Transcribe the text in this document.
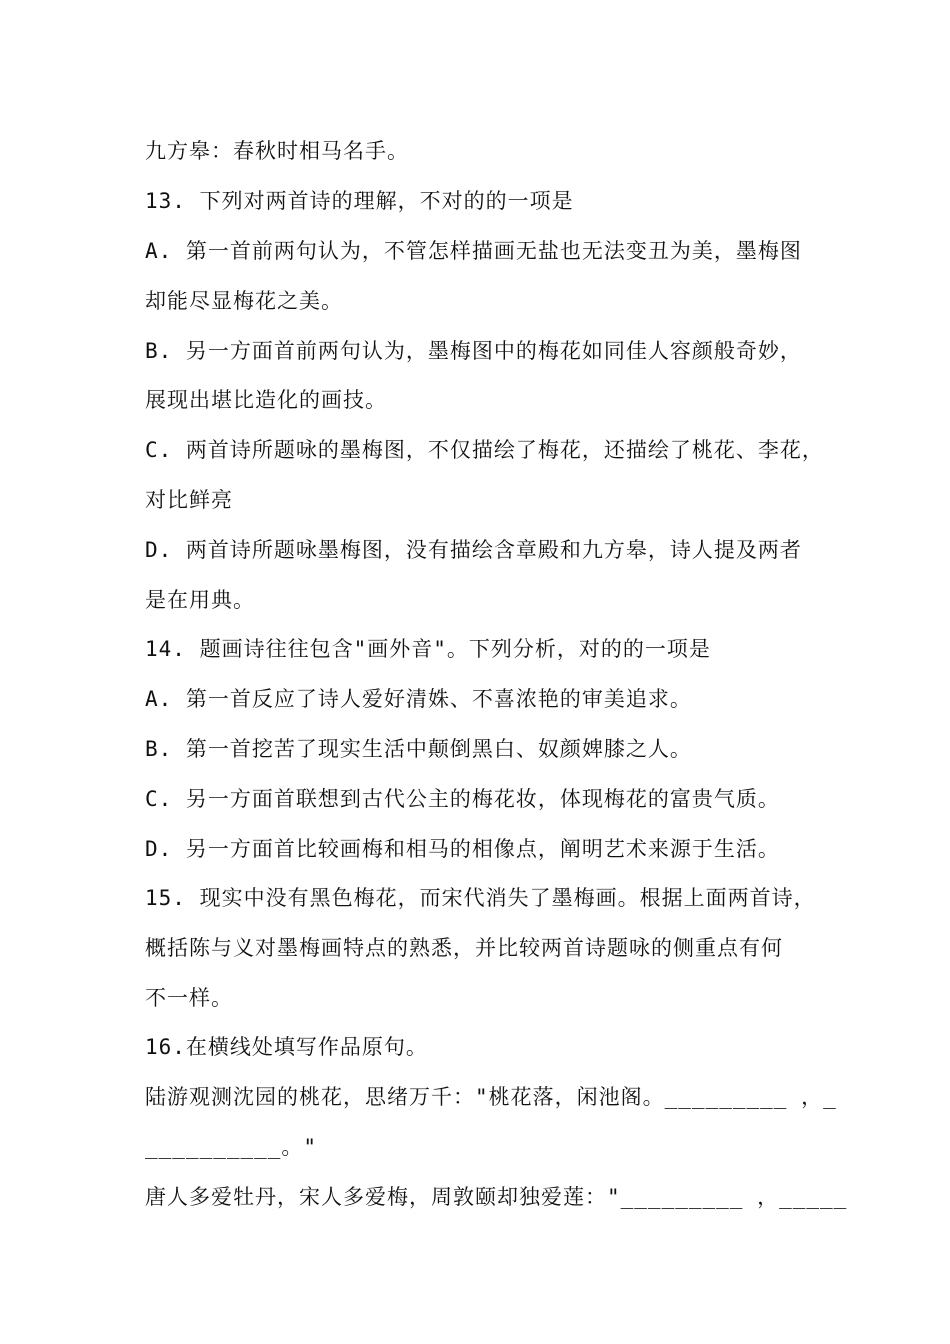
九方皋：春秋时相马名手。
13. 下列对两首诗的理解，不对的的一项是
A. 第一首前两句认为，不管怎样描画无盐也无法变丑为美，墨梅图
却能尽显梅花之美。
B. 另一方面首前两句认为，墨梅图中的梅花如同佳人容颜般奇妙，
展现出堪比造化的画技。
C. 两首诗所题咏的墨梅图，不仅描绘了梅花，还描绘了桃花、李花，
对比鲜亮
D. 两首诗所题咏墨梅图，没有描绘含章殿和九方皋，诗人提及两者
是在用典。
14. 题画诗往往包含"画外音"。下列分析，对的的一项是
A. 第一首反应了诗人爱好清姝、不喜浓艳的审美追求。
B. 第一首挖苦了现实生活中颠倒黑白、奴颜婢膝之人。
C. 另一方面首联想到古代公主的梅花妆，体现梅花的富贵气质。
D. 另一方面首比较画梅和相马的相像点，阐明艺术来源于生活。
15. 现实中没有黑色梅花，而宋代消失了墨梅画。根据上面两首诗，
概括陈与义对墨梅画特点的熟悉，并比较两首诗题咏的侧重点有何
不一样。
16.在横线处填写作品原句。
陆游观测沈园的桃花，思绪万千："桃花落，闲池阁。_________ ，_
__________。"
唐人多爱牡丹，宋人多爱梅，周敦颐却独爱莲："_________ ，_____
